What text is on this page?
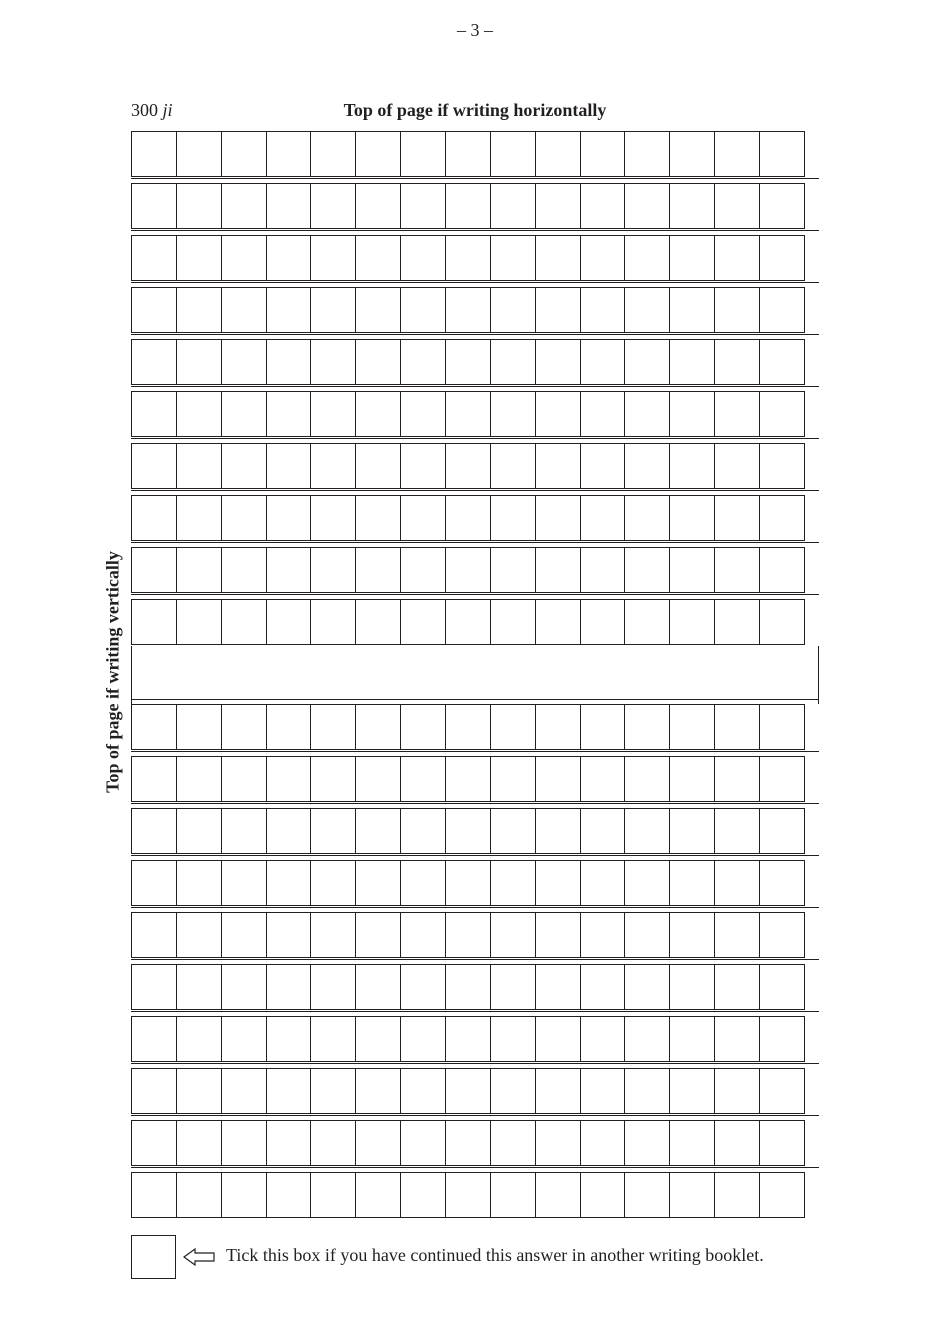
– 3 –
300 ji	Top of page if writing horizontally
Top of page if writing vertically
Tick this box if you have continued this answer in another writing booklet.
